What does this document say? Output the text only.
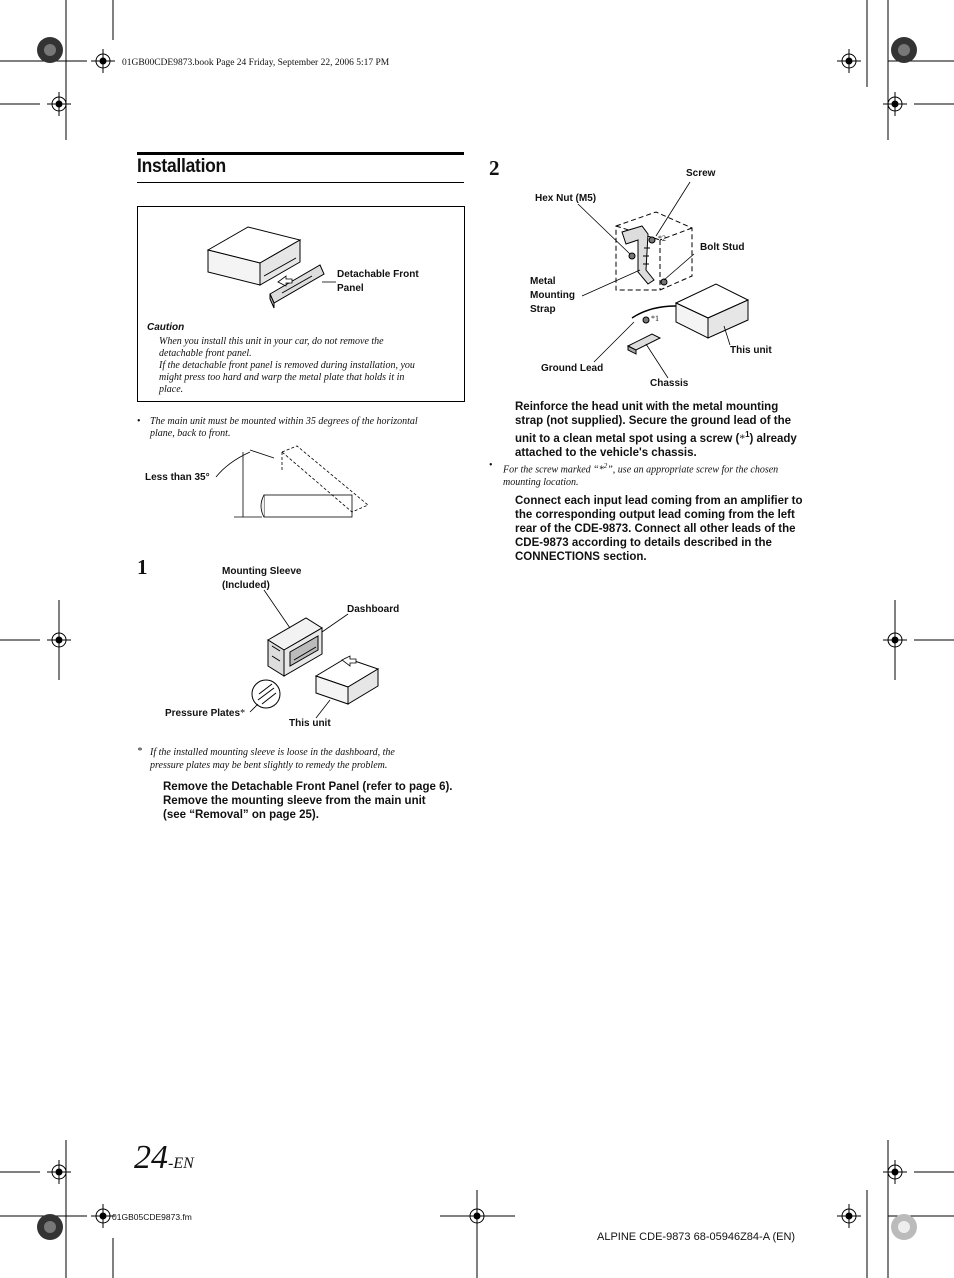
01GB00CDE9873.book Page 24 Friday, September 22, 2006 5:17 PM
Installation
Detachable Front
Panel
Caution
When you install this unit in your car, do not remove the
detachable front panel.
If the detachable front panel is removed during installation, you
might press too hard and warp the metal plate that holds it in
place.
• The main unit must be mounted within 35 degrees of the horizontal
plane, back to front.
Less than 35°
1	Mounting Sleeve
(Included)
Dashboard
Pressure Plates*
This unit
* If the installed mounting sleeve is loose in the dashboard, the
pressure plates may be bent slightly to remedy the problem.
Remove the Detachable Front Panel (refer to page 6).
Remove the mounting sleeve from the main unit
(see “Removal” on page 25).
2	Screw
Hex Nut (M5)
Bolt Stud
Metal
Mounting
Strap
Ground Lead
This unit
Chassis
*2
*1
Reinforce the head unit with the metal mounting
strap (not supplied). Secure the ground lead of the
unit to a clean metal spot using a screw (*$^1$) already
attached to the vehicle's chassis.
• For the screw marked “*$^2$”, use an appropriate screw for the chosen
mounting location.
Connect each input lead coming from an amplifier to
the corresponding output lead coming from the left
rear of the CDE-9873. Connect all other leads of the
CDE-9873 according to details described in the
CONNECTIONS section.
24-EN
01GB05CDE9873.fm
ALPINE CDE-9873 68-05946Z84-A (EN)
